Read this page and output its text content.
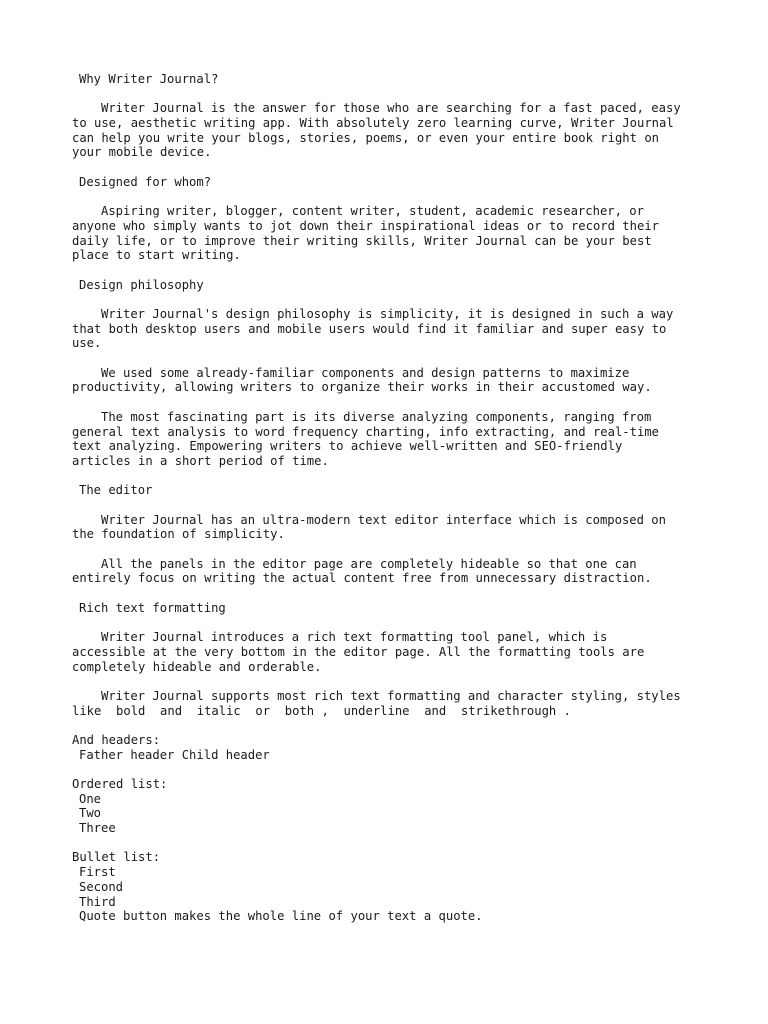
Why Writer Journal?
Writer Journal is the answer for those who are searching for a fast paced, easy
to use, aesthetic writing app. With absolutely zero learning curve, Writer Journal
can help you write your blogs, stories, poems, or even your entire book right on
your mobile device.
Designed for whom?
Aspiring writer, blogger, content writer, student, academic researcher, or
anyone who simply wants to jot down their inspirational ideas or to record their
daily life, or to improve their writing skills, Writer Journal can be your best
place to start writing.
Design philosophy
Writer Journal's design philosophy is simplicity, it is designed in such a way
that both desktop users and mobile users would find it familiar and super easy to
use.
We used some already-familiar components and design patterns to maximize
productivity, allowing writers to organize their works in their accustomed way.
The most fascinating part is its diverse analyzing components, ranging from
general text analysis to word frequency charting, info extracting, and real-time
text analyzing. Empowering writers to achieve well-written and SEO-friendly
articles in a short period of time.
The editor
Writer Journal has an ultra-modern text editor interface which is composed on
the foundation of simplicity.
All the panels in the editor page are completely hideable so that one can
entirely focus on writing the actual content free from unnecessary distraction.
Rich text formatting
Writer Journal introduces a rich text formatting tool panel, which is
accessible at the very bottom in the editor page. All the formatting tools are
completely hideable and orderable.
Writer Journal supports most rich text formatting and character styling, styles
like  bold  and  italic  or  both ,  underline  and  strikethrough .
And headers:
Father header Child header
Ordered list:
One
Two
Three
Bullet list:
First
Second
Third
Quote button makes the whole line of your text a quote.
